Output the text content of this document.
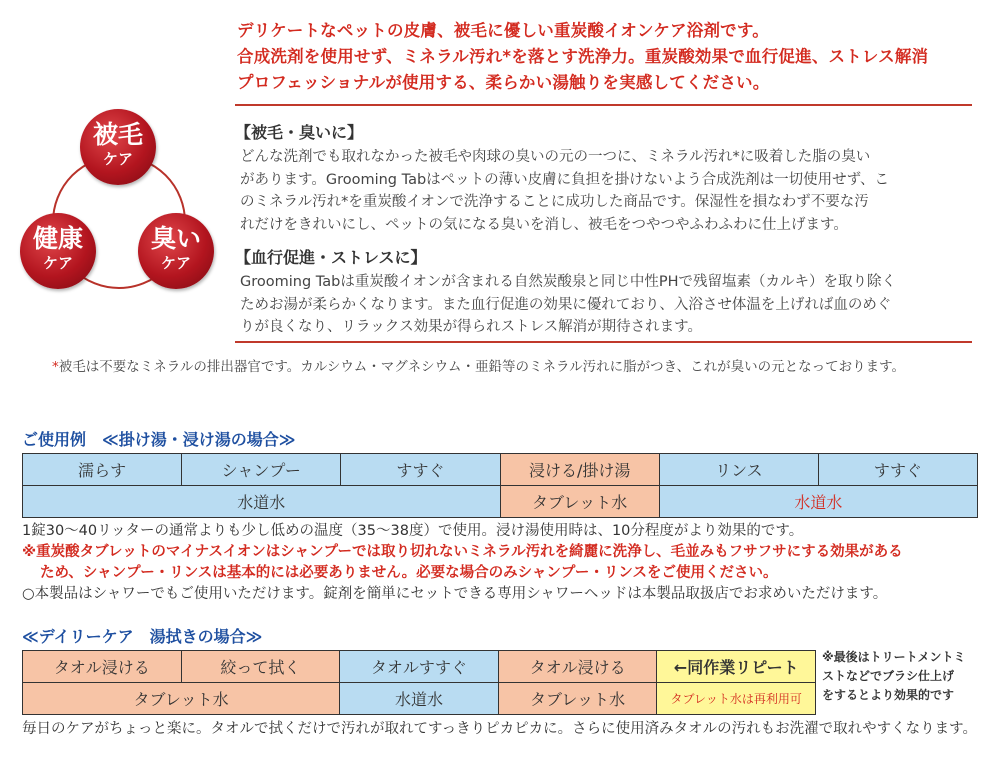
デリケートなペットの皮膚、被毛に優しい重炭酸イオンケア浴剤です。
合成洗剤を使用せず、ミネラル汚れ*を落とす洗浄力。重炭酸効果で血行促進、ストレス解消
プロフェッショナルが使用する、柔らかい湯触りを実感してください。
被毛
ケア
健康
ケア
臭い
ケア
【被毛・臭いに】
どんな洗剤でも取れなかった被毛や肉球の臭いの元の一つに、ミネラル汚れ*に吸着した脂の臭い
があります。Grooming Tabはペットの薄い皮膚に負担を掛けないよう合成洗剤は一切使用せず、こ
のミネラル汚れ*を重炭酸イオンで洗浄することに成功した商品です。保湿性を損なわず不要な汚
れだけをきれいにし、ペットの気になる臭いを消し、被毛をつやつやふわふわに仕上げます。
【血行促進・ストレスに】
Grooming Tabは重炭酸イオンが含まれる自然炭酸泉と同じ中性PHで残留塩素（カルキ）を取り除く
ためお湯が柔らかくなります。また血行促進の効果に優れており、入浴させ体温を上げれば血のめぐ
りが良くなり、リラックス効果が得られストレス解消が期待されます。
*被毛は不要なミネラルの排出器官です。カルシウム・マグネシウム・亜鉛等のミネラル汚れに脂がつき、これが臭いの元となっております。
ご使用例　≪掛け湯・浸け湯の場合≫
濡らす	シャンプー	すすぐ	浸ける/掛け湯	リンス	すすぐ
水道水			タブレット水	水道水	
1錠30～40リッターの通常よりも少し低めの温度（35～38度）で使用。浸け湯使用時は、10分程度がより効果的です。
※重炭酸タブレットのマイナスイオンはシャンプーでは取り切れないミネラル汚れを綺麗に洗浄し、毛並みもフサフサにする効果がある
ため、シャンプー・リンスは基本的には必要ありません。必要な場合のみシャンプー・リンスをご使用ください。
○本製品はシャワーでもご使用いただけます。錠剤を簡単にセットできる専用シャワーヘッドは本製品取扱店でお求めいただけます。
≪デイリーケア　湯拭きの場合≫
タオル浸ける	絞って拭く	タオルすすぐ	タオル浸ける	←同作業リピート
タブレット水		水道水	タブレット水	タブレット水は再利用可
※最後はトリートメントミ
ストなどでブラシ仕上げ
をするとより効果的です
毎日のケアがちょっと楽に。タオルで拭くだけで汚れが取れてすっきりピカピカに。さらに使用済みタオルの汚れもお洗濯で取れやすくなります。
